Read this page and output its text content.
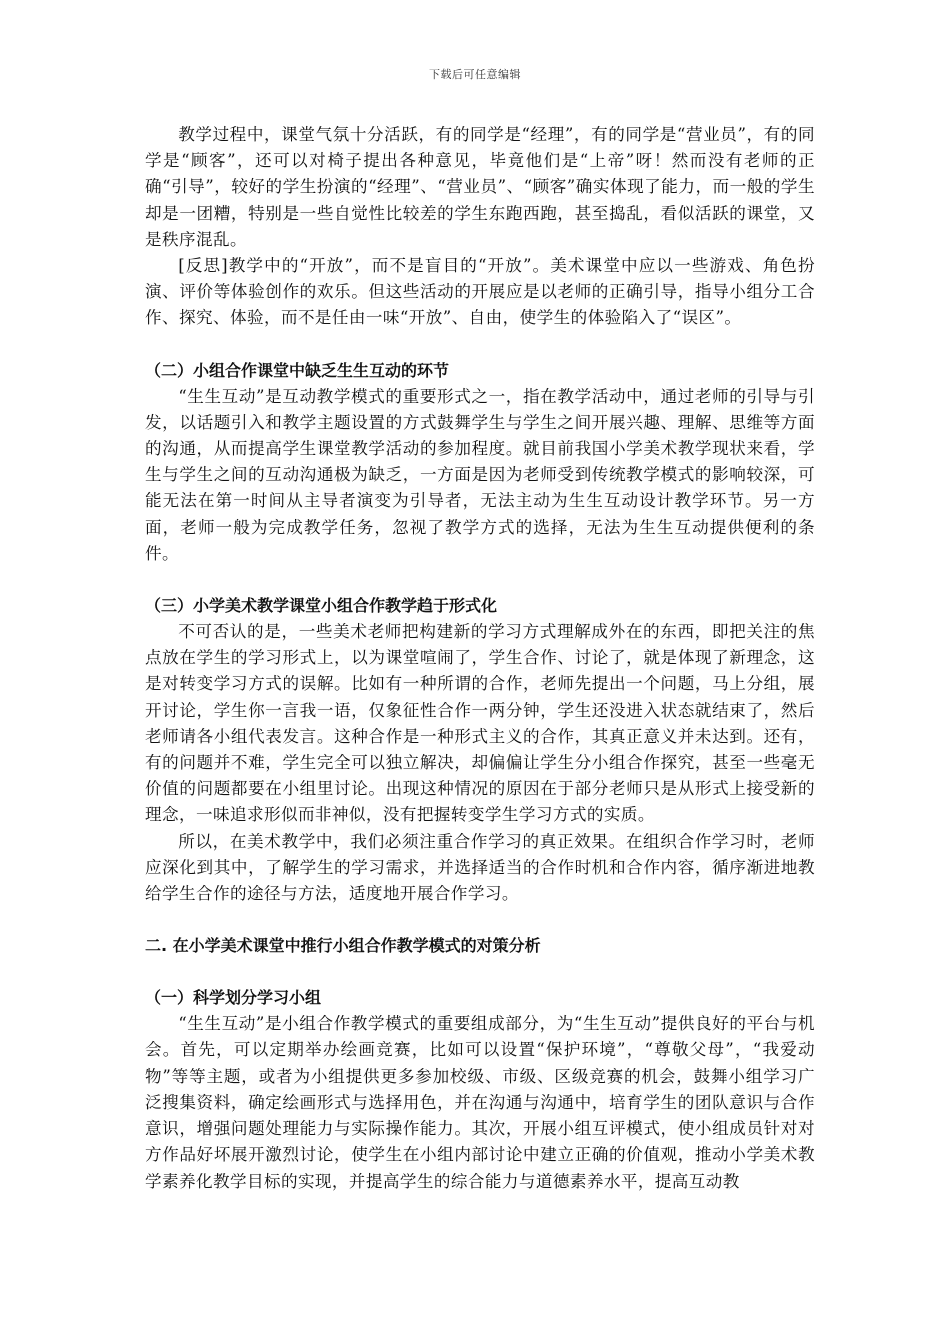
下载后可任意编辑

教学过程中，课堂气氛十分活跃，有的同学是“经理”，有的同学是“营业员”，有的同学是“顾客”，还可以对椅子提出各种意见，毕竟他们是“上帝”呀！然而没有老师的正确“引导”，较好的学生扮演的“经理”、“营业员”、“顾客”确实体现了能力，而一般的学生却是一团糟，特别是一些自觉性比较差的学生东跑西跑，甚至捣乱，看似活跃的课堂，又是秩序混乱。

[反思]教学中的“开放”，而不是盲目的“开放”。美术课堂中应以一些游戏、角色扮演、评价等体验创作的欢乐。但这些活动的开展应是以老师的正确引导，指导小组分工合作、探究、体验，而不是任由一味“开放”、自由，使学生的体验陷入了“误区”。

（二）小组合作课堂中缺乏生生互动的环节

“生生互动”是互动教学模式的重要形式之一，指在教学活动中，通过老师的引导与引发，以话题引入和教学主题设置的方式鼓舞学生与学生之间开展兴趣、理解、思维等方面的沟通，从而提高学生课堂教学活动的参加程度。就目前我国小学美术教学现状来看，学生与学生之间的互动沟通极为缺乏，一方面是因为老师受到传统教学模式的影响较深，可能无法在第一时间从主导者演变为引导者，无法主动为生生互动设计教学环节。另一方面，老师一般为完成教学任务，忽视了教学方式的选择，无法为生生互动提供便利的条件。

（三）小学美术教学课堂小组合作教学趋于形式化

不可否认的是，一些美术老师把构建新的学习方式理解成外在的东西，即把关注的焦点放在学生的学习形式上，以为课堂喧闹了，学生合作、讨论了，就是体现了新理念，这是对转变学习方式的误解。比如有一种所谓的合作，老师先提出一个问题，马上分组，展开讨论，学生你一言我一语，仅象征性合作一两分钟，学生还没进入状态就结束了，然后老师请各小组代表发言。这种合作是一种形式主义的合作，其真正意义并未达到。还有，有的问题并不难，学生完全可以独立解决，却偏偏让学生分小组合作探究，甚至一些毫无价值的问题都要在小组里讨论。出现这种情况的原因在于部分老师只是从形式上接受新的理念，一味追求形似而非神似，没有把握转变学生学习方式的实质。

所以，在美术教学中，我们必须注重合作学习的真正效果。在组织合作学习时，老师应深化到其中，了解学生的学习需求，并选择适当的合作时机和合作内容，循序渐进地教给学生合作的途径与方法，适度地开展合作学习。

二. 在小学美术课堂中推行小组合作教学模式的对策分析
（一）科学划分学习小组

“生生互动”是小组合作教学模式的重要组成部分，为“生生互动”提供良好的平台与机会。首先，可以定期举办绘画竞赛，比如可以设置“保护环境”，“尊敬父母”，“我爱动物”等等主题，或者为小组提供更多参加校级、市级、区级竞赛的机会，鼓舞小组学习广泛搜集资料，确定绘画形式与选择用色，并在沟通与沟通中，培育学生的团队意识与合作意识，增强问题处理能力与实际操作能力。其次，开展小组互评模式，使小组成员针对对方作品好坏展开激烈讨论，使学生在小组内部讨论中建立正确的价值观，推动小学美术教学素养化教学目标的实现，并提高学生的综合能力与道德素养水平，提高互动教
